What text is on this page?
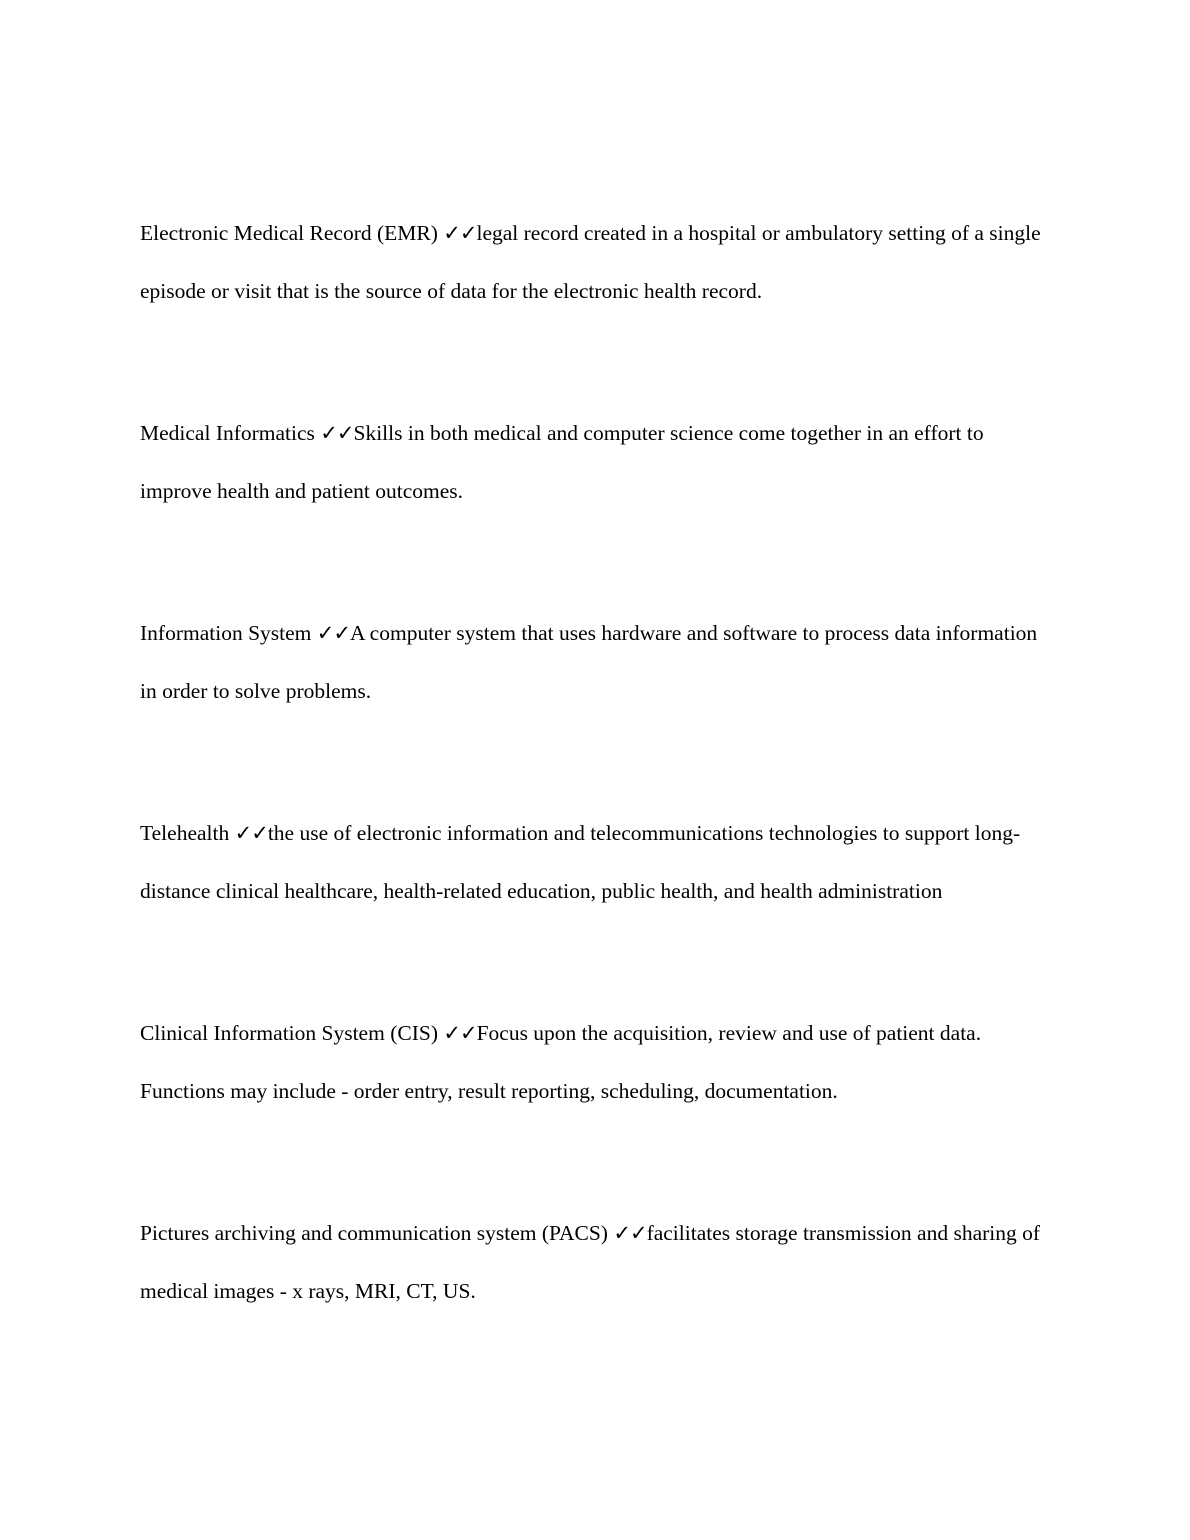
Electronic Medical Record (EMR) ✓✓legal record created in a hospital or ambulatory setting of a single episode or visit that is the source of data for the electronic health record.

Medical Informatics ✓✓Skills in both medical and computer science come together in an effort to improve health and patient outcomes.

Information System ✓✓A computer system that uses hardware and software to process data information in order to solve problems.

Telehealth ✓✓the use of electronic information and telecommunications technologies to support long-distance clinical healthcare, health-related education, public health, and health administration

Clinical Information System (CIS) ✓✓Focus upon the acquisition, review and use of patient data. Functions may include - order entry, result reporting, scheduling, documentation.

Pictures archiving and communication system (PACS) ✓✓facilitates storage transmission and sharing of medical images - x rays, MRI, CT, US.
